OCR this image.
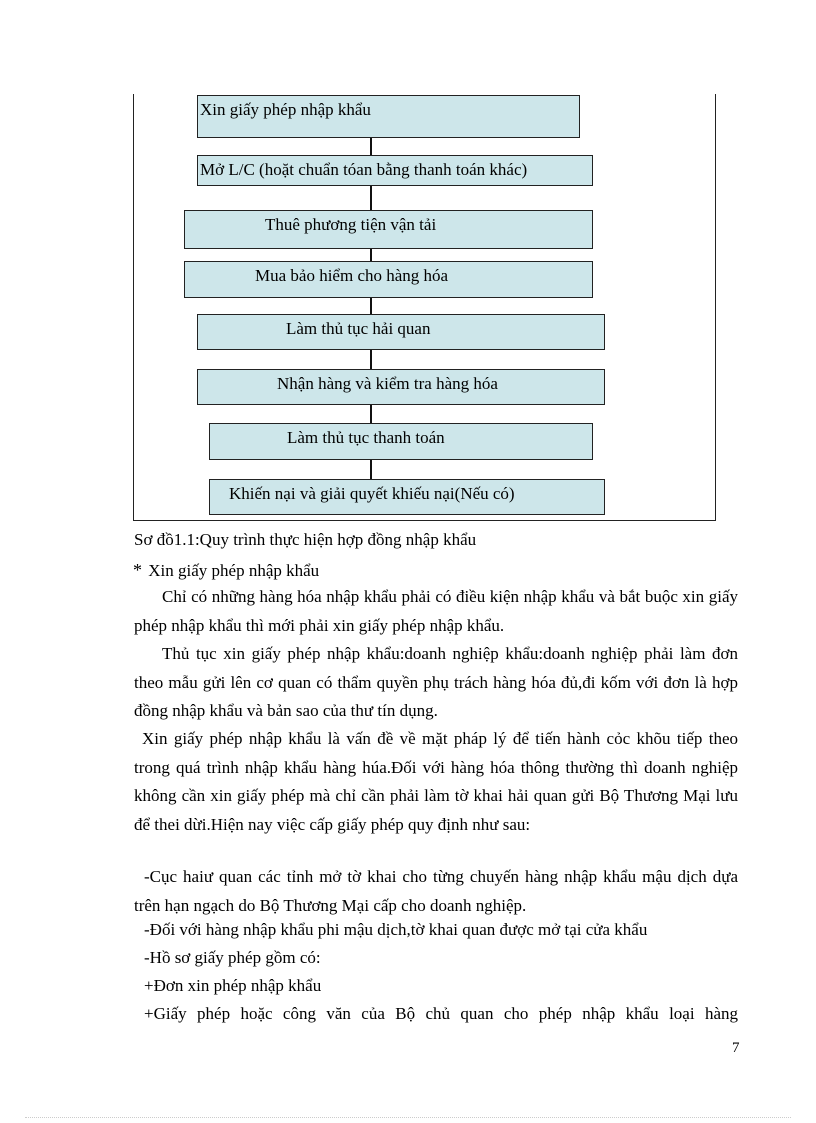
Xin giấy phép nhập khẩu
Mở L/C (hoặt chuẩn tóan bằng thanh toán khác)
Thuê phương tiện vận tải
Mua bảo hiểm cho hàng hóa
Làm thủ tục hải quan
Nhận hàng và kiểm tra hàng hóa
Làm thủ tục thanh toán
Khiến nại và giải quyết khiếu nại(Nếu có)
Sơ đồ1.1:Quy trình thực hiện hợp đồng nhập khẩu
* Xin giấy phép nhập khẩu
Chỉ có những hàng hóa nhập khẩu phải có điều kiện nhập khẩu và bắt buộc xin giấy phép nhập khẩu thì mới phải xin giấy phép nhập khẩu.
Thủ tục xin giấy phép nhập khẩu:doanh nghiệp khẩu:doanh nghiệp phải làm đơn theo mẫu gửi lên cơ quan có thẩm quyền phụ trách hàng hóa đủ,đi kốm với đơn là hợp đồng nhập khẩu và bản sao của thư tín dụng.
Xin giấy phép nhập khẩu là vấn đề về mặt pháp lý để tiến hành cỏc khõu tiếp theo trong quá trình nhập khẩu hàng húa.Đối với hàng hóa thông thường thì doanh nghiệp không cần xin giấy phép mà chỉ cần phải làm tờ khai hải quan gửi Bộ Thương Mại lưu để thei dừi.Hiện nay việc cấp giấy phép quy định như sau:
-Cục haiư quan các tỉnh mở tờ khai cho từng chuyến hàng nhập khẩu mậu dịch dựa trên hạn ngạch do Bộ Thương Mại cấp cho doanh nghiệp.
-Đối với hàng nhập khẩu phi mậu dịch,tờ khai quan được mở tại cửa khẩu
-Hồ sơ giấy phép gồm có:
+Đơn xin phép nhập khẩu
+Giấy phép hoặc công văn của Bộ chủ quan cho phép nhập khẩu loại hàng
7
